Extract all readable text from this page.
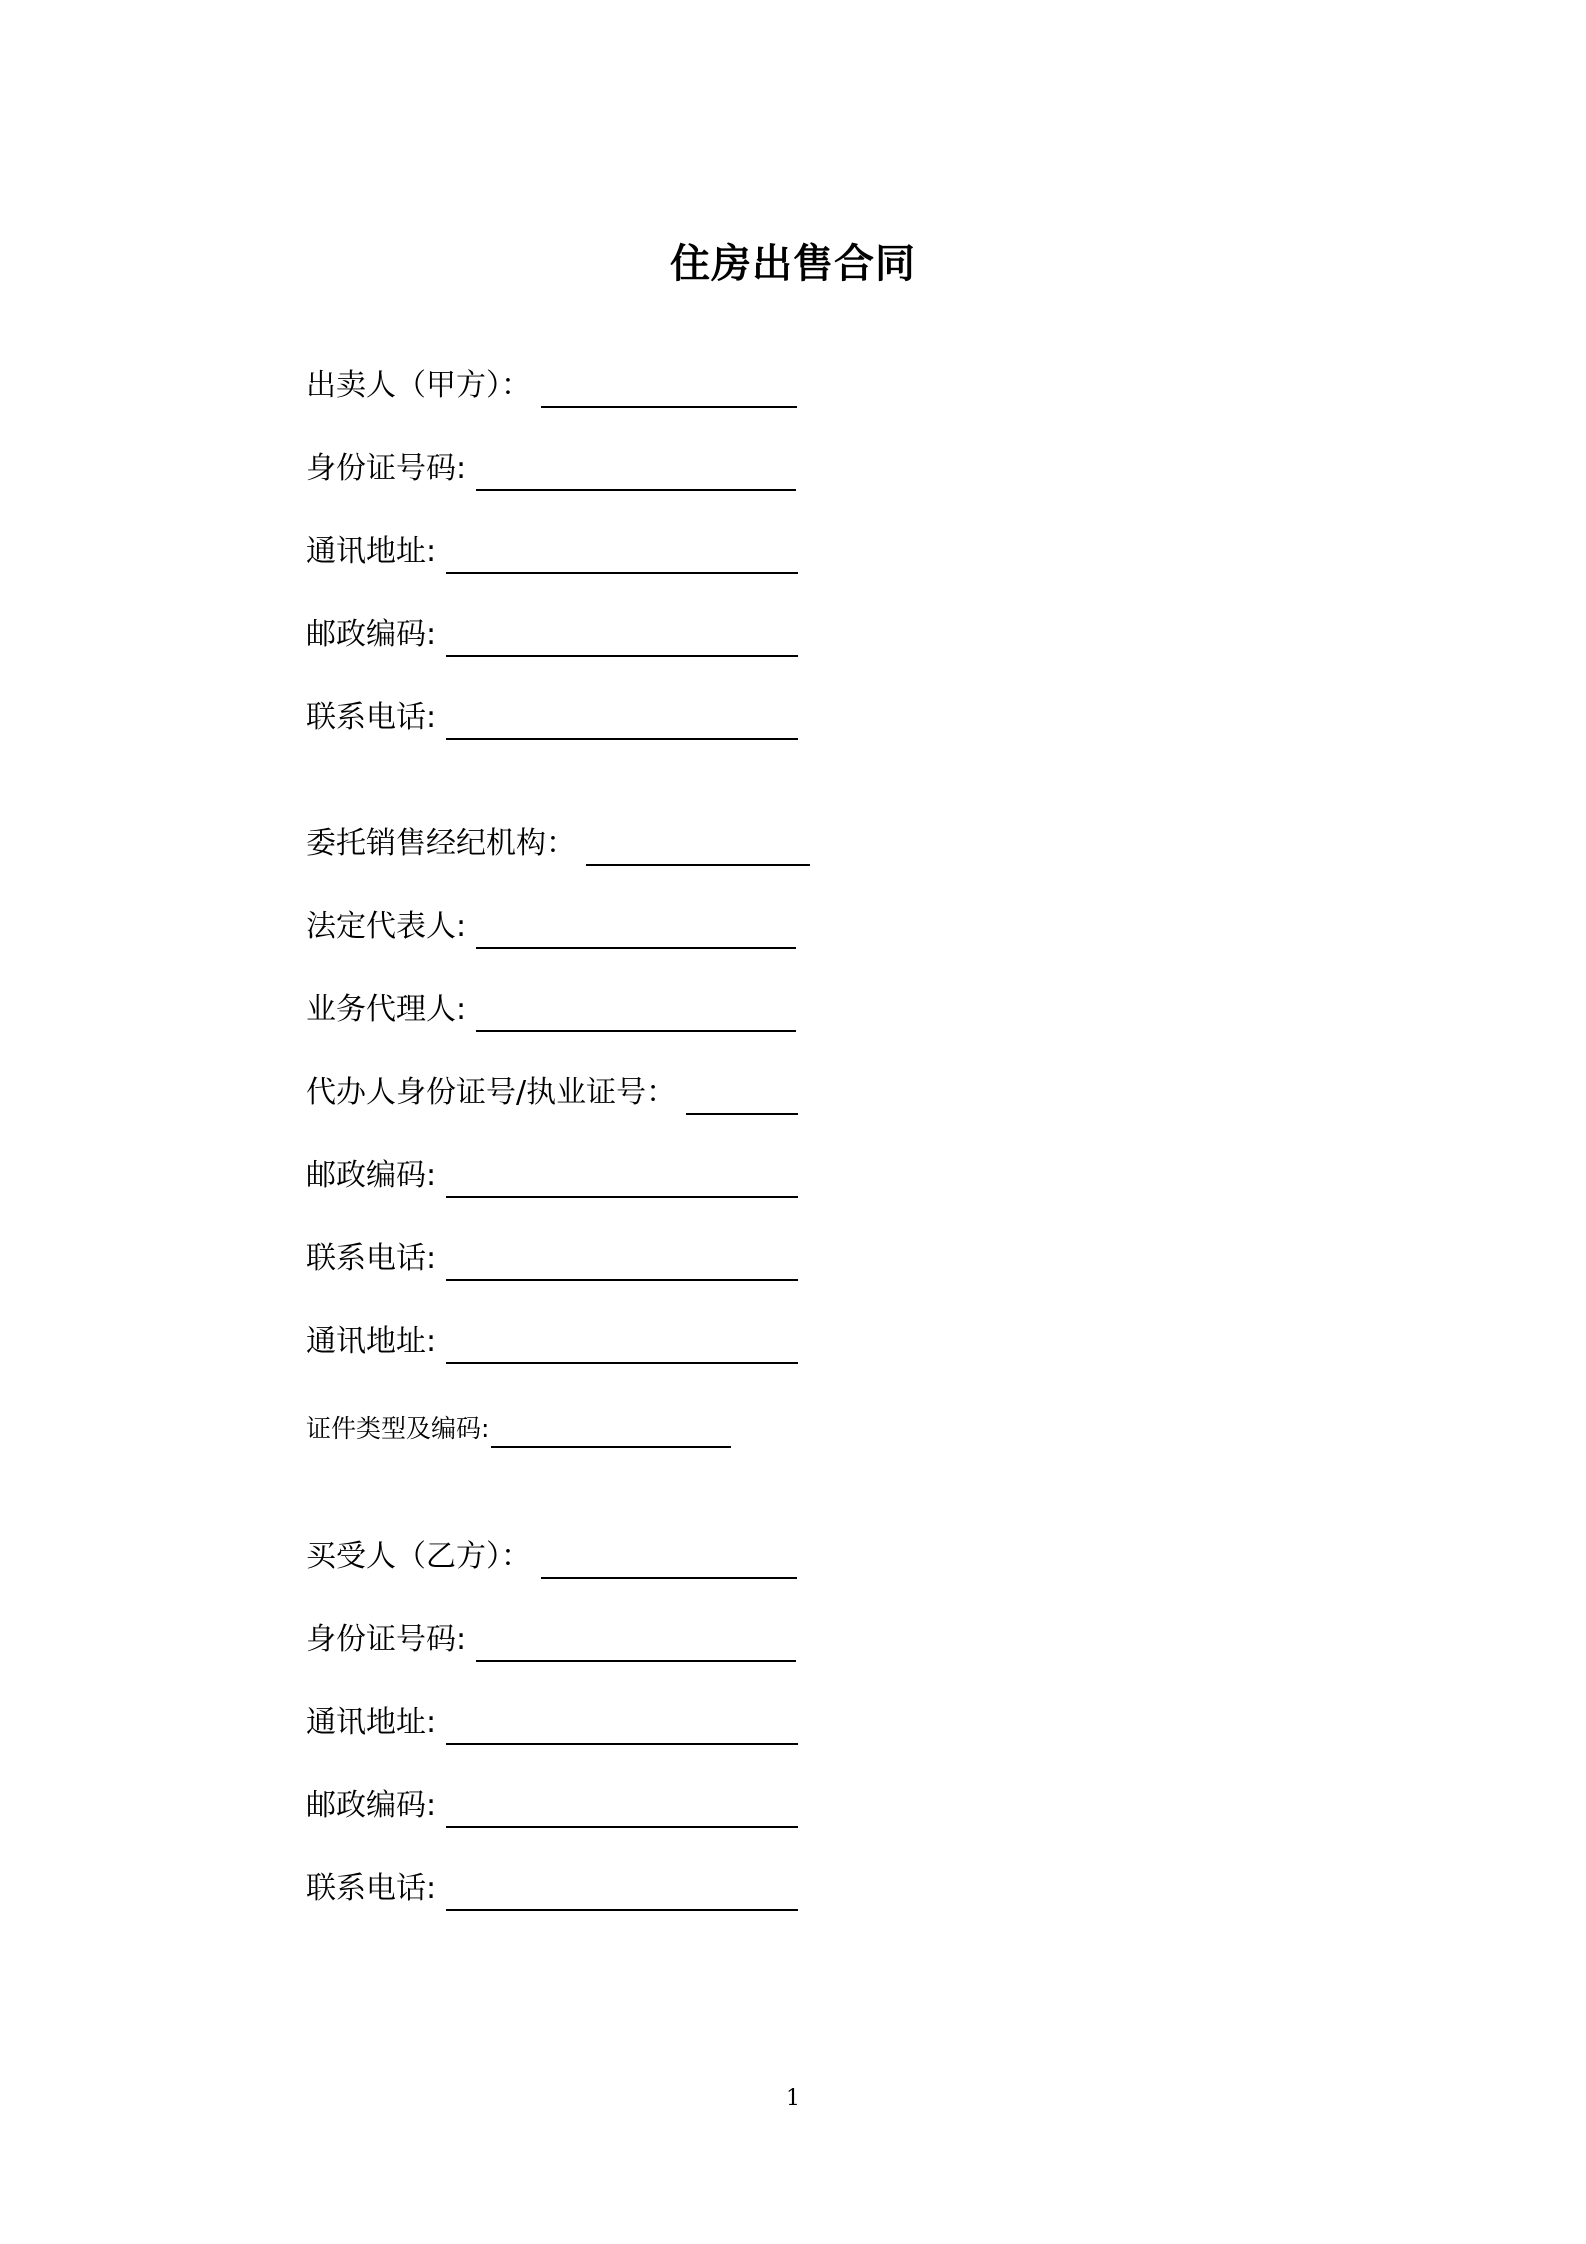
住房出售合同
出卖人（甲方）：
身份证号码:
通讯地址:
邮政编码:
联系电话:
委托销售经纪机构：
法定代表人:
业务代理人:
代办人身份证号/执业证号：
邮政编码:
联系电话:
通讯地址:
证件类型及编码:
买受人（乙方）：
身份证号码:
通讯地址:
邮政编码:
联系电话:
1
